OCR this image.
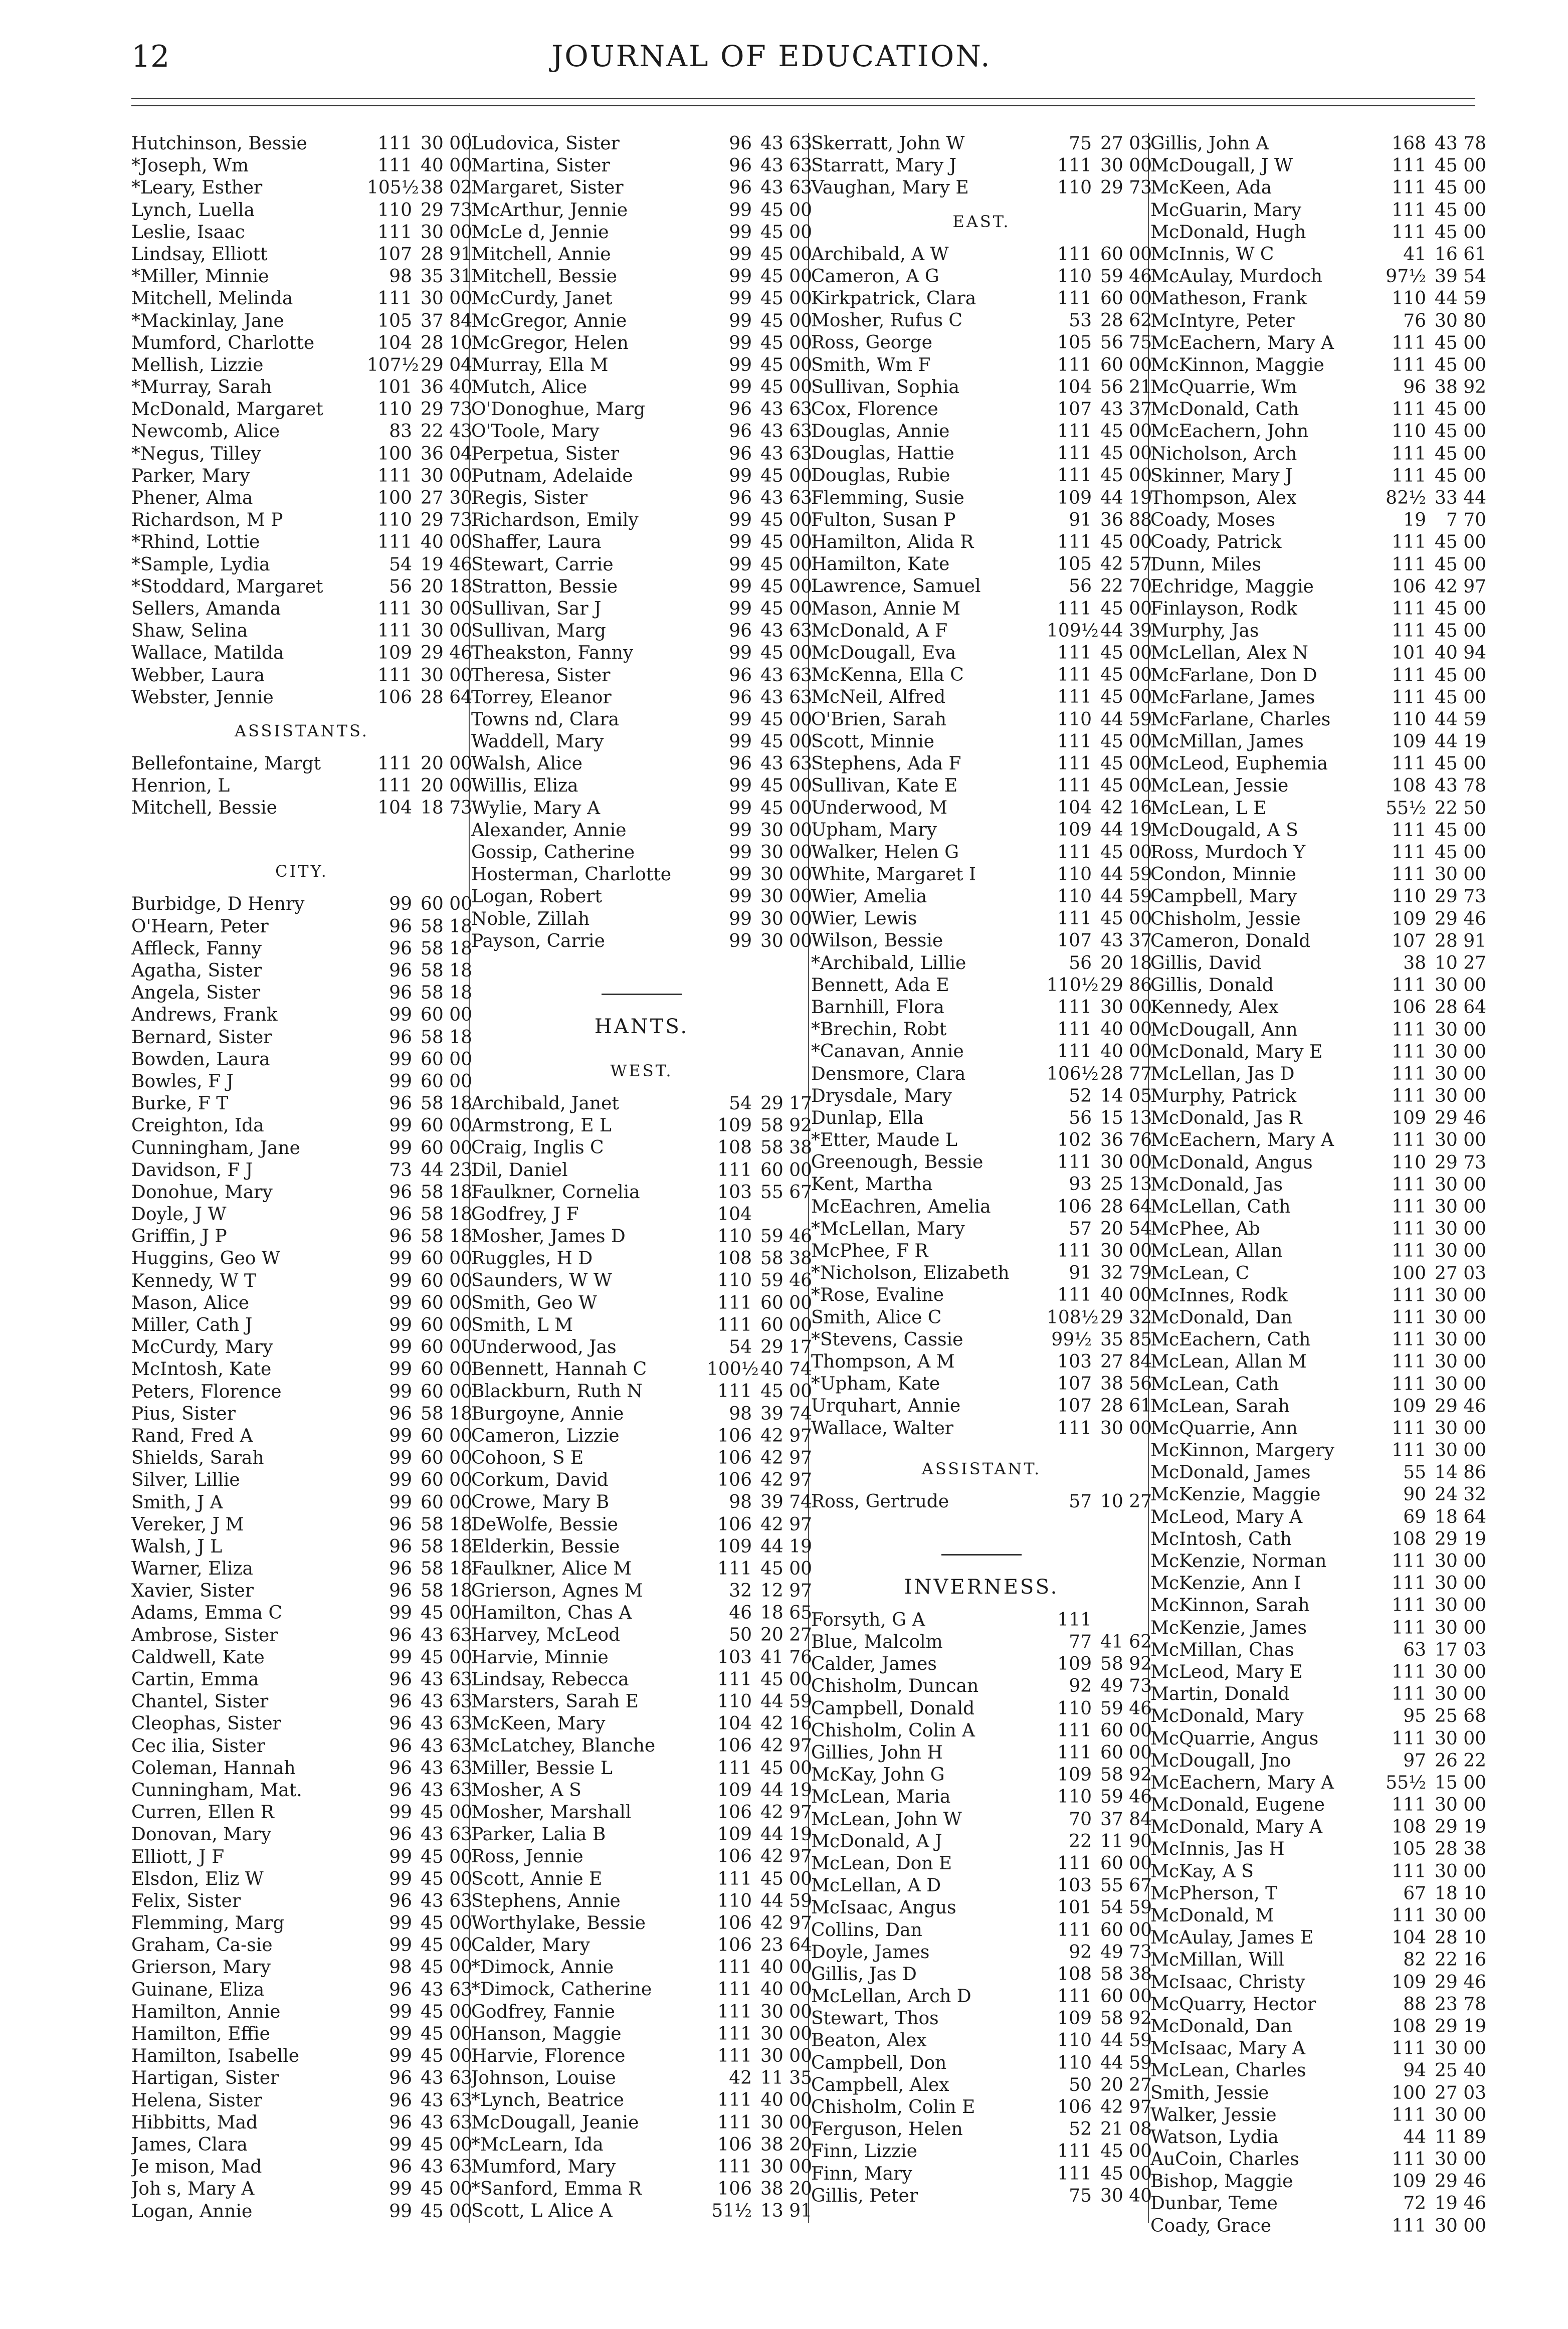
12	JOURNAL OF EDUCATION.
Hutchinson, Bessie	111 30 00
*Joseph, Wm	111 40 00
*Leary, Esther	105½ 38 02
Lynch, Luella	110 29 73
Leslie, Isaac	111 30 00
Lindsay, Elliott	107 28 91
*Miller, Minnie	98 35 31
Mitchell, Melinda	111 30 00
*Mackinlay, Jane	105 37 84
Mumford, Charlotte	104 28 10
Mellish, Lizzie	107½ 29 04
*Murray, Sarah	101 36 40
McDonald, Margaret	110 29 73
Newcomb, Alice	83 22 43
*Negus, Tilley	100 36 04
Parker, Mary	111 30 00
Phener, Alma	100 27 30
Richardson, M P	110 29 73
*Rhind, Lottie	111 40 00
*Sample, Lydia	54 19 46
*Stoddard, Margaret	56 20 18
Sellers, Amanda	111 30 00
Shaw, Selina	111 30 00
Wallace, Matilda	109 29 46
Webber, Laura	111 30 00
Webster, Jennie	106 28 64
ASSISTANTS.
Bellefontaine, Margt	111 20 00
Henrion, L	111 20 00
Mitchell, Bessie	104 18 73
CITY.
Burbidge, D Henry	99 60 00
O'Hearn, Peter	96 58 18
Affleck, Fanny	96 58 18
Agatha, Sister	96 58 18
Angela, Sister	96 58 18
Andrews, Frank	99 60 00
Bernard, Sister	96 58 18
Bowden, Laura	99 60 00
Bowles, F J	99 60 00
Burke, F T	96 58 18
Creighton, Ida	99 60 00
Cunningham, Jane	99 60 00
Davidson, F J	73 44 23
Donohue, Mary	96 58 18
Doyle, J W	96 58 18
Griffin, J P	96 58 18
Huggins, Geo W	99 60 00
Kennedy, W T	99 60 00
Mason, Alice	99 60 00
Miller, Cath J	99 60 00
McCurdy, Mary	99 60 00
McIntosh, Kate	99 60 00
Peters, Florence	99 60 00
Pius, Sister	96 58 18
Rand, Fred A	99 60 00
Shields, Sarah	99 60 00
Silver, Lillie	99 60 00
Smith, J A	99 60 00
Vereker, J M	96 58 18
Walsh, J L	96 58 18
Warner, Eliza	96 58 18
Xavier, Sister	96 58 18
Adams, Emma C	99 45 00
Ambrose, Sister	96 43 63
Caldwell, Kate	99 45 00
Cartin, Emma	96 43 63
Chantel, Sister	96 43 63
Cleophas, Sister	96 43 63
Cec ilia, Sister	96 43 63
Coleman, Hannah	96 43 63
Cunningham, Mat.	96 43 63
Curren, Ellen R	99 45 00
Donovan, Mary	96 43 63
Elliott, J F	99 45 00
Elsdon, Eliz W	99 45 00
Felix, Sister	96 43 63
Flemming, Marg	99 45 00
Graham, Ca-sie	99 45 00
Grierson, Mary	98 45 00
Guinane, Eliza	96 43 63
Hamilton, Annie	99 45 00
Hamilton, Effie	99 45 00
Hamilton, Isabelle	99 45 00
Hartigan, Sister	96 43 63
Helena, Sister	96 43 63
Hibbitts, Mad	96 43 63
James, Clara	99 45 00
Je mison, Mad	96 43 63
Joh s, Mary A	99 45 00
Logan, Annie	99 45 00
Ludovica, Sister	96 43 63
Martina, Sister	96 43 63
Margaret, Sister	96 43 63
McArthur, Jennie	99 45 00
McLe d, Jennie	99 45 00
Mitchell, Annie	99 45 00
Mitchell, Bessie	99 45 00
McCurdy, Janet	99 45 00
McGregor, Annie	99 45 00
McGregor, Helen	99 45 00
Murray, Ella M	99 45 00
Mutch, Alice	99 45 00
O'Donoghue, Marg	96 43 63
O'Toole, Mary	96 43 63
Perpetua, Sister	96 43 63
Putnam, Adelaide	99 45 00
Regis, Sister	96 43 63
Richardson, Emily	99 45 00
Shaffer, Laura	99 45 00
Stewart, Carrie	99 45 00
Stratton, Bessie	99 45 00
Sullivan, Sar J	99 45 00
Sullivan, Marg	96 43 63
Theakston, Fanny	99 45 00
Theresa, Sister	96 43 63
Torrey, Eleanor	96 43 63
Towns nd, Clara	99 45 00
Waddell, Mary	99 45 00
Walsh, Alice	96 43 63
Willis, Eliza	99 45 00
Wylie, Mary A	99 45 00
Alexander, Annie	99 30 00
Gossip, Catherine	99 30 00
Hosterman, Charlotte	99 30 00
Logan, Robert	99 30 00
Noble, Zillah	99 30 00
Payson, Carrie	99 30 00
HANTS.
WEST.
Archibald, Janet	54 29 17
Armstrong, E L	109 58 92
Craig, Inglis C	108 58 38
Dil, Daniel	111 60 00
Faulkner, Cornelia	103 55 67
Godfrey, J F	104
Mosher, James D	110 59 46
Ruggles, H D	108 58 38
Saunders, W W	110 59 46
Smith, Geo W	111 60 00
Smith, L M	111 60 00
Underwood, Jas	54 29 17
Bennett, Hannah C	100½ 40 74
Blackburn, Ruth N	111 45 00
Burgoyne, Annie	98 39 74
Cameron, Lizzie	106 42 97
Cohoon, S E	106 42 97
Corkum, David	106 42 97
Crowe, Mary B	98 39 74
DeWolfe, Bessie	106 42 97
Elderkin, Bessie	109 44 19
Faulkner, Alice M	111 45 00
Grierson, Agnes M	32 12 97
Hamilton, Chas A	46 18 65
Harvey, McLeod	50 20 27
Harvie, Minnie	103 41 76
Lindsay, Rebecca	111 45 00
Marsters, Sarah E	110 44 59
McKeen, Mary	104 42 16
McLatchey, Blanche	106 42 97
Miller, Bessie L	111 45 00
Mosher, A S	109 44 19
Mosher, Marshall	106 42 97
Parker, Lalia B	109 44 19
Ross, Jennie	106 42 97
Scott, Annie E	111 45 00
Stephens, Annie	110 44 59
Worthylake, Bessie	106 42 97
Calder, Mary	106 23 64
*Dimock, Annie	111 40 00
*Dimock, Catherine	111 40 00
Godfrey, Fannie	111 30 00
Hanson, Maggie	111 30 00
Harvie, Florence	111 30 00
Johnson, Louise	42 11 35
*Lynch, Beatrice	111 40 00
McDougall, Jeanie	111 30 00
*McLearn, Ida	106 38 20
Mumford, Mary	111 30 00
*Sanford, Emma R	106 38 20
Scott, L Alice A	51½ 13 91
Skerratt, John W	75 27 03
Starratt, Mary J	111 30 00
Vaughan, Mary E	110 29 73
EAST.
Archibald, A W	111 60 00
Cameron, A G	110 59 46
Kirkpatrick, Clara	111 60 00
Mosher, Rufus C	53 28 62
Ross, George	105 56 75
Smith, Wm F	111 60 00
Sullivan, Sophia	104 56 21
Cox, Florence	107 43 37
Douglas, Annie	111 45 00
Douglas, Hattie	111 45 00
Douglas, Rubie	111 45 00
Flemming, Susie	109 44 19
Fulton, Susan P	91 36 88
Hamilton, Alida R	111 45 00
Hamilton, Kate	105 42 57
Lawrence, Samuel	56 22 70
Mason, Annie M	111 45 00
McDonald, A F	109½ 44 39
McDougall, Eva	111 45 00
McKenna, Ella C	111 45 00
McNeil, Alfred	111 45 00
O'Brien, Sarah	110 44 59
Scott, Minnie	111 45 00
Stephens, Ada F	111 45 00
Sullivan, Kate E	111 45 00
Underwood, M	104 42 16
Upham, Mary	109 44 19
Walker, Helen G	111 45 00
White, Margaret I	110 44 59
Wier, Amelia	110 44 59
Wier, Lewis	111 45 00
Wilson, Bessie	107 43 37
*Archibald, Lillie	56 20 18
Bennett, Ada E	110½ 29 86
Barnhill, Flora	111 30 00
*Brechin, Robt	111 40 00
*Canavan, Annie	111 40 00
Densmore, Clara	106½ 28 77
Drysdale, Mary	52 14 05
Dunlap, Ella	56 15 13
*Etter, Maude L	102 36 76
Greenough, Bessie	111 30 00
Kent, Martha	93 25 13
McEachren, Amelia	106 28 64
*McLellan, Mary	57 20 54
McPhee, F R	111 30 00
*Nicholson, Elizabeth	91 32 79
*Rose, Evaline	111 40 00
Smith, Alice C	108½ 29 32
*Stevens, Cassie	99½ 35 85
Thompson, A M	103 27 84
*Upham, Kate	107 38 56
Urquhart, Annie	107 28 61
Wallace, Walter	111 30 00
ASSISTANT.
Ross, Gertrude	57 10 27
INVERNESS.
Forsyth, G A	111
Blue, Malcolm	77 41 62
Calder, James	109 58 92
Chisholm, Duncan	92 49 73
Campbell, Donald	110 59 46
Chisholm, Colin A	111 60 00
Gillies, John H	111 60 00
McKay, John G	109 58 92
McLean, Maria	110 59 46
McLean, John W	70 37 84
McDonald, A J	22 11 90
McLean, Don E	111 60 00
McLellan, A D	103 55 67
McIsaac, Angus	101 54 59
Collins, Dan	111 60 00
Doyle, James	92 49 73
Gillis, Jas D	108 58 38
McLellan, Arch D	111 60 00
Stewart, Thos	109 58 92
Beaton, Alex	110 44 59
Campbell, Don	110 44 59
Campbell, Alex	50 20 27
Chisholm, Colin E	106 42 97
Ferguson, Helen	52 21 08
Finn, Lizzie	111 45 00
Finn, Mary	111 45 00
Gillis, Peter	75 30 40
Gillis, John A	168 43 78
McDougall, J W	111 45 00
McKeen, Ada	111 45 00
McGuarin, Mary	111 45 00
McDonald, Hugh	111 45 00
McInnis, W C	41 16 61
McAulay, Murdoch	97½ 39 54
Matheson, Frank	110 44 59
McIntyre, Peter	76 30 80
McEachern, Mary A	111 45 00
McKinnon, Maggie	111 45 00
McQuarrie, Wm	96 38 92
McDonald, Cath	111 45 00
McEachern, John	110 45 00
Nicholson, Arch	111 45 00
Skinner, Mary J	111 45 00
Thompson, Alex	82½ 33 44
Coady, Moses	19	7 70
Coady, Patrick	111 45 00
Dunn, Miles	111 45 00
Echridge, Maggie	106 42 97
Finlayson, Rodk	111 45 00
Murphy, Jas	111 45 00
McLellan, Alex N	101 40 94
McFarlane, Don D	111 45 00
McFarlane, James	111 45 00
McFarlane, Charles	110 44 59
McMillan, James	109 44 19
McLeod, Euphemia	111 45 00
McLean, Jessie	108 43 78
McLean, L E	55½ 22 50
McDougald, A S	111 45 00
Ross, Murdoch Y	111 45 00
Condon, Minnie	111 30 00
Campbell, Mary	110 29 73
Chisholm, Jessie	109 29 46
Cameron, Donald	107 28 91
Gillis, David	38 10 27
Gillis, Donald	111 30 00
Kennedy, Alex	106 28 64
McDougall, Ann	111 30 00
McDonald, Mary E	111 30 00
McLellan, Jas D	111 30 00
Murphy, Patrick	111 30 00
McDonald, Jas R	109 29 46
McEachern, Mary A	111 30 00
McDonald, Angus	110 29 73
McDonald, Jas	111 30 00
McLellan, Cath	111 30 00
McPhee, Ab	111 30 00
McLean, Allan	111 30 00
McLean, C	100 27 03
McInnes, Rodk	111 30 00
McDonald, Dan	111 30 00
McEachern, Cath	111 30 00
McLean, Allan M	111 30 00
McLean, Cath	111 30 00
McLean, Sarah	109 29 46
McQuarrie, Ann	111 30 00
McKinnon, Margery	111 30 00
McDonald, James	55 14 86
McKenzie, Maggie	90 24 32
McLeod, Mary A	69 18 64
McIntosh, Cath	108 29 19
McKenzie, Norman	111 30 00
McKenzie, Ann I	111 30 00
McKinnon, Sarah	111 30 00
McKenzie, James	111 30 00
McMillan, Chas	63 17 03
McLeod, Mary E	111 30 00
Martin, Donald	111 30 00
McDonald, Mary	95 25 68
McQuarrie, Angus	111 30 00
McDougall, Jno	97 26 22
McEachern, Mary A	55½ 15 00
McDonald, Eugene	111 30 00
McDonald, Mary A	108 29 19
McInnis, Jas H	105 28 38
McKay, A S	111 30 00
McPherson, T	67 18 10
McDonald, M	111 30 00
McAulay, James E	104 28 10
McMillan, Will	82 22 16
McIsaac, Christy	109 29 46
McQuarry, Hector	88 23 78
McDonald, Dan	108 29 19
McIsaac, Mary A	111 30 00
McLean, Charles	94 25 40
Smith, Jessie	100 27 03
Walker, Jessie	111 30 00
Watson, Lydia	44 11 89
AuCoin, Charles	111 30 00
Bishop, Maggie	109 29 46
Dunbar, Teme	72 19 46
Coady, Grace	111 30 00
